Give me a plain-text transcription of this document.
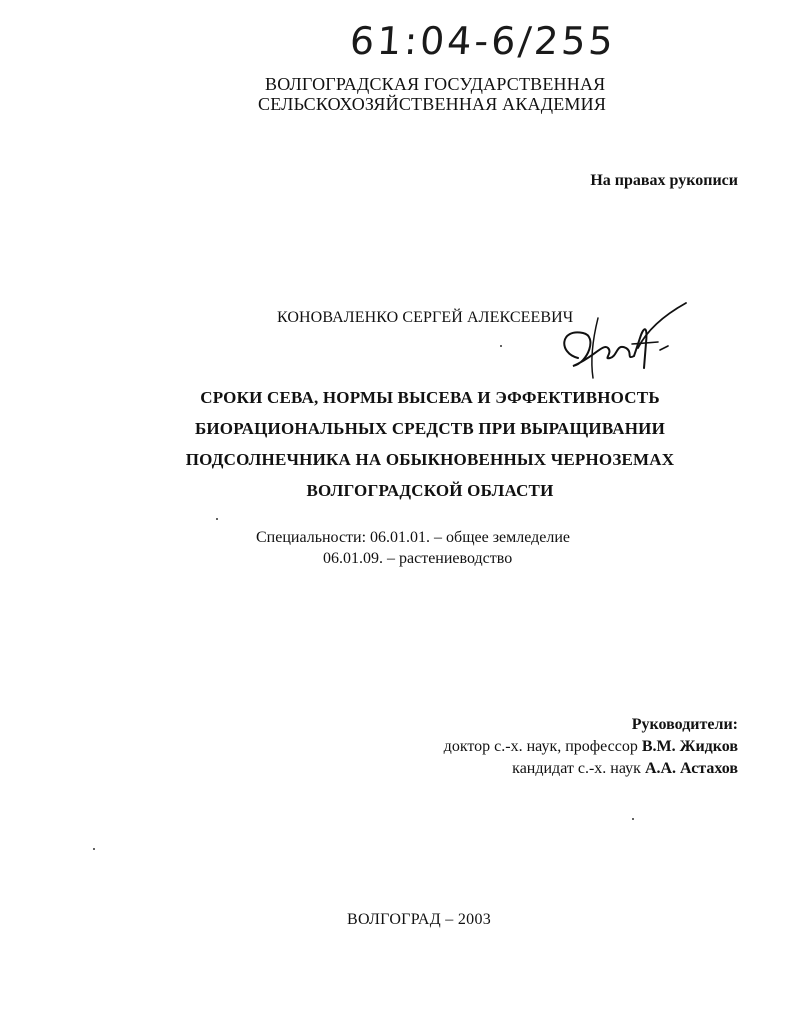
61:04-6/255
ВОЛГОГРАДСКАЯ ГОСУДАРСТВЕННАЯ
СЕЛЬСКОХОЗЯЙСТВЕННАЯ АКАДЕМИЯ
На правах рукописи
КОНОВАЛЕНКО СЕРГЕЙ АЛЕКСЕЕВИЧ
СРОКИ СЕВА, НОРМЫ ВЫСЕВА И ЭФФЕКТИВНОСТЬ
БИОРАЦИОНАЛЬНЫХ СРЕДСТВ ПРИ ВЫРАЩИВАНИИ
ПОДСОЛНЕЧНИКА НА ОБЫКНОВЕННЫХ ЧЕРНОЗЕМАХ
ВОЛГОГРАДСКОЙ ОБЛАСТИ
Специальности: 06.01.01. – общее земледелие
06.01.09. – растениеводство
Руководители:
доктор с.-х. наук, профессор В.М. Жидков
кандидат с.-х. наук А.А. Астахов
ВОЛГОГРАД – 2003
